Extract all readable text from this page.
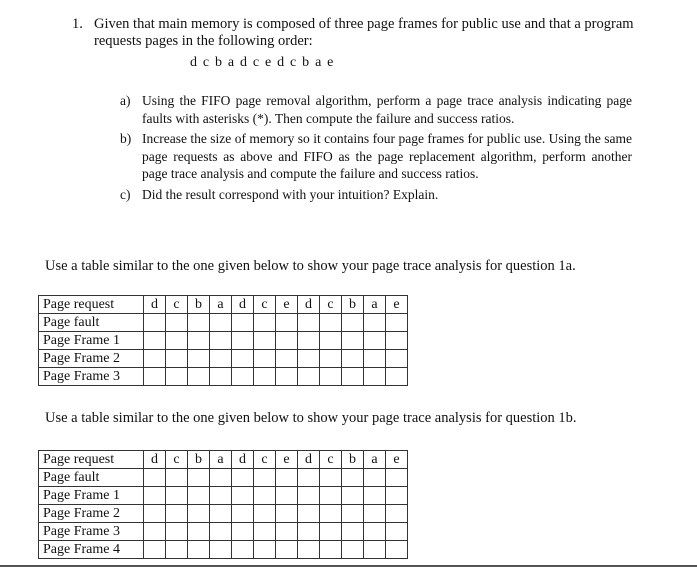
1. Given that main memory is composed of three page frames for public use and that a program requests pages in the following order:
d c b a d c e d c b a e
a) Using the FIFO page removal algorithm, perform a page trace analysis indicating page faults with asterisks (*). Then compute the failure and success ratios.
b) Increase the size of memory so it contains four page frames for public use. Using the same page requests as above and FIFO as the page replacement algorithm, perform another page trace analysis and compute the failure and success ratios.
c) Did the result correspond with your intuition? Explain.
Use a table similar to the one given below to show your page trace analysis for question 1a.
Page request	d	c	b	a	d	c	e	d	c	b	a	e
Page fault												
Page Frame 1												
Page Frame 2												
Page Frame 3												
Use a table similar to the one given below to show your page trace analysis for question 1b.
Page request	d	c	b	a	d	c	e	d	c	b	a	e
Page fault												
Page Frame 1												
Page Frame 2												
Page Frame 3												
Page Frame 4												
